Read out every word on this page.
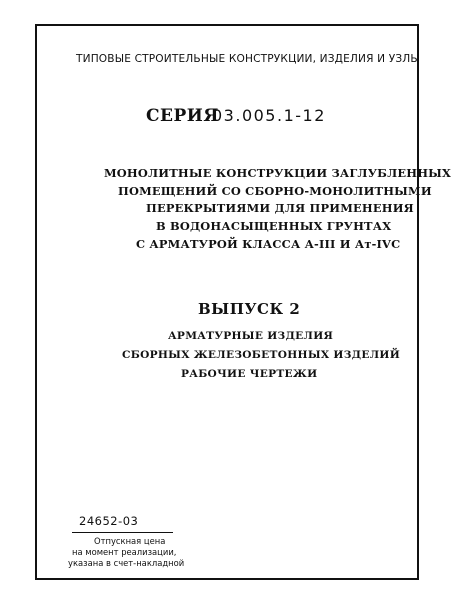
ТИПОВЫЕ СТРОИТЕЛЬНЫЕ КОНСТРУКЦИИ, ИЗДЕЛИЯ И УЗЛЫ
СЕРИЯ
03.005.1-12
МОНОЛИТНЫЕ КОНСТРУКЦИИ ЗАГЛУБЛЕННЫХ
ПОМЕЩЕНИЙ СО СБОРНО-МОНОЛИТНЫМИ
ПЕРЕКРЫТИЯМИ ДЛЯ ПРИМЕНЕНИЯ
В ВОДОНАСЫЩЕННЫХ ГРУНТАХ
С АРМАТУРОЙ КЛАССА А-III И Ат-IVС
ВЫПУСК 2
АРМАТУРНЫЕ ИЗДЕЛИЯ
СБОРНЫХ ЖЕЛЕЗОБЕТОННЫХ ИЗДЕЛИЙ
РАБОЧИЕ ЧЕРТЕЖИ
24652-03
Отпускная цена
на момент реализации,
указана в счет-накладной
